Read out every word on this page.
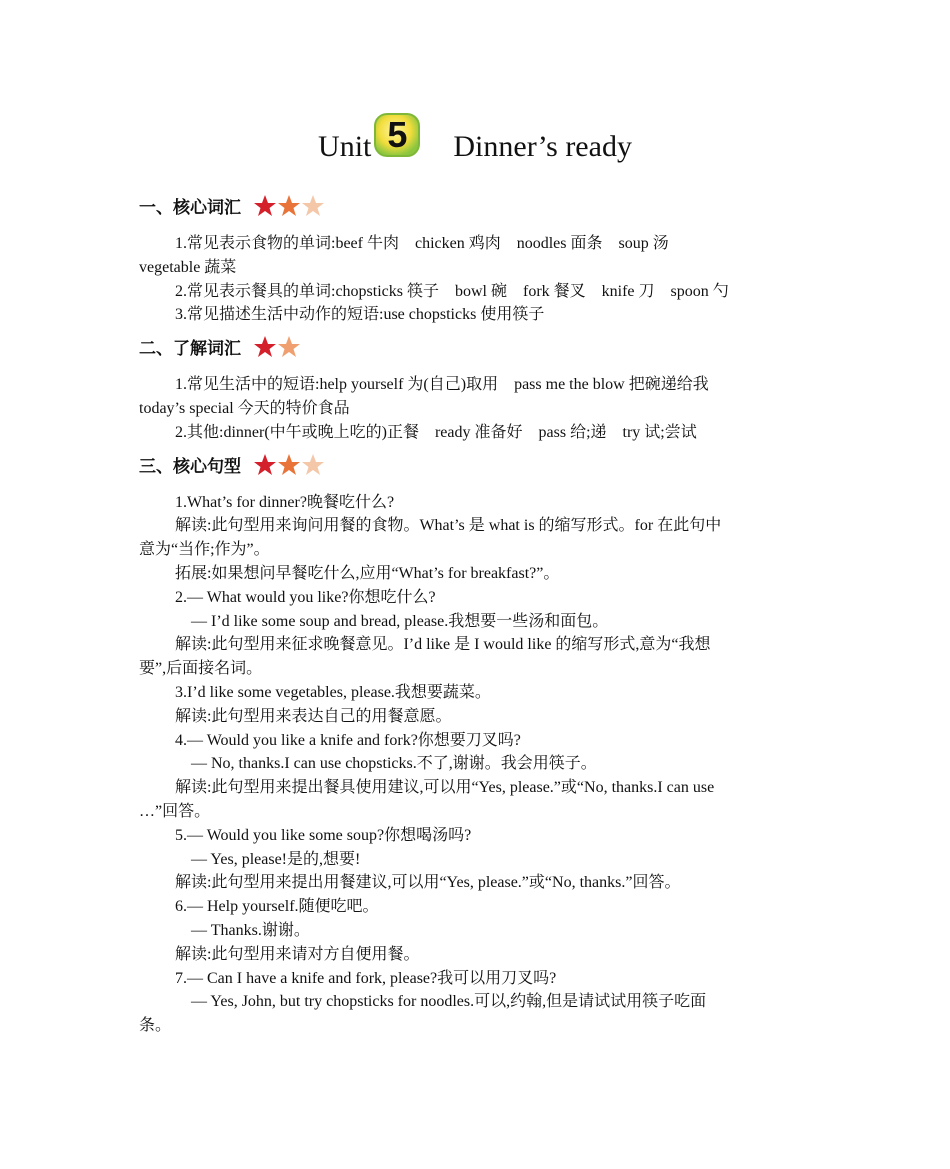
Unit 5	Dinner’s ready
一、核心词汇
1.常见表示食物的单词:beef 牛肉　chicken 鸡肉　noodles 面条　soup 汤
vegetable 蔬菜
2.常见表示餐具的单词:chopsticks 筷子　bowl 碗　fork 餐叉　knife 刀　spoon 勺
3.常见描述生活中动作的短语:use chopsticks 使用筷子
二、了解词汇
1.常见生活中的短语:help yourself 为(自己)取用　pass me the blow 把碗递给我
today’s special 今天的特价食品
2.其他:dinner(中午或晚上吃的)正餐　ready 准备好　pass 给;递　try 试;尝试
三、核心句型
1.What’s for dinner?晚餐吃什么?
解读:此句型用来询问用餐的食物。What’s 是 what is 的缩写形式。for 在此句中
意为“当作;作为”。
拓展:如果想问早餐吃什么,应用“What’s for breakfast?”。
2.— What would you like?你想吃什么?
— I’d like some soup and bread, please.我想要一些汤和面包。
解读:此句型用来征求晚餐意见。I’d like 是 I would like 的缩写形式,意为“我想
要”,后面接名词。
3.I’d like some vegetables, please.我想要蔬菜。
解读:此句型用来表达自己的用餐意愿。
4.— Would you like a knife and fork?你想要刀叉吗?
— No, thanks.I can use chopsticks.不了,谢谢。我会用筷子。
解读:此句型用来提出餐具使用建议,可以用“Yes, please.”或“No, thanks.I can use
…”回答。
5.— Would you like some soup?你想喝汤吗?
— Yes, please!是的,想要!
解读:此句型用来提出用餐建议,可以用“Yes, please.”或“No, thanks.”回答。
6.— Help yourself.随便吃吧。
— Thanks.谢谢。
解读:此句型用来请对方自便用餐。
7.— Can I have a knife and fork, please?我可以用刀叉吗?
— Yes, John, but try chopsticks for noodles.可以,约翰,但是请试试用筷子吃面
条。
